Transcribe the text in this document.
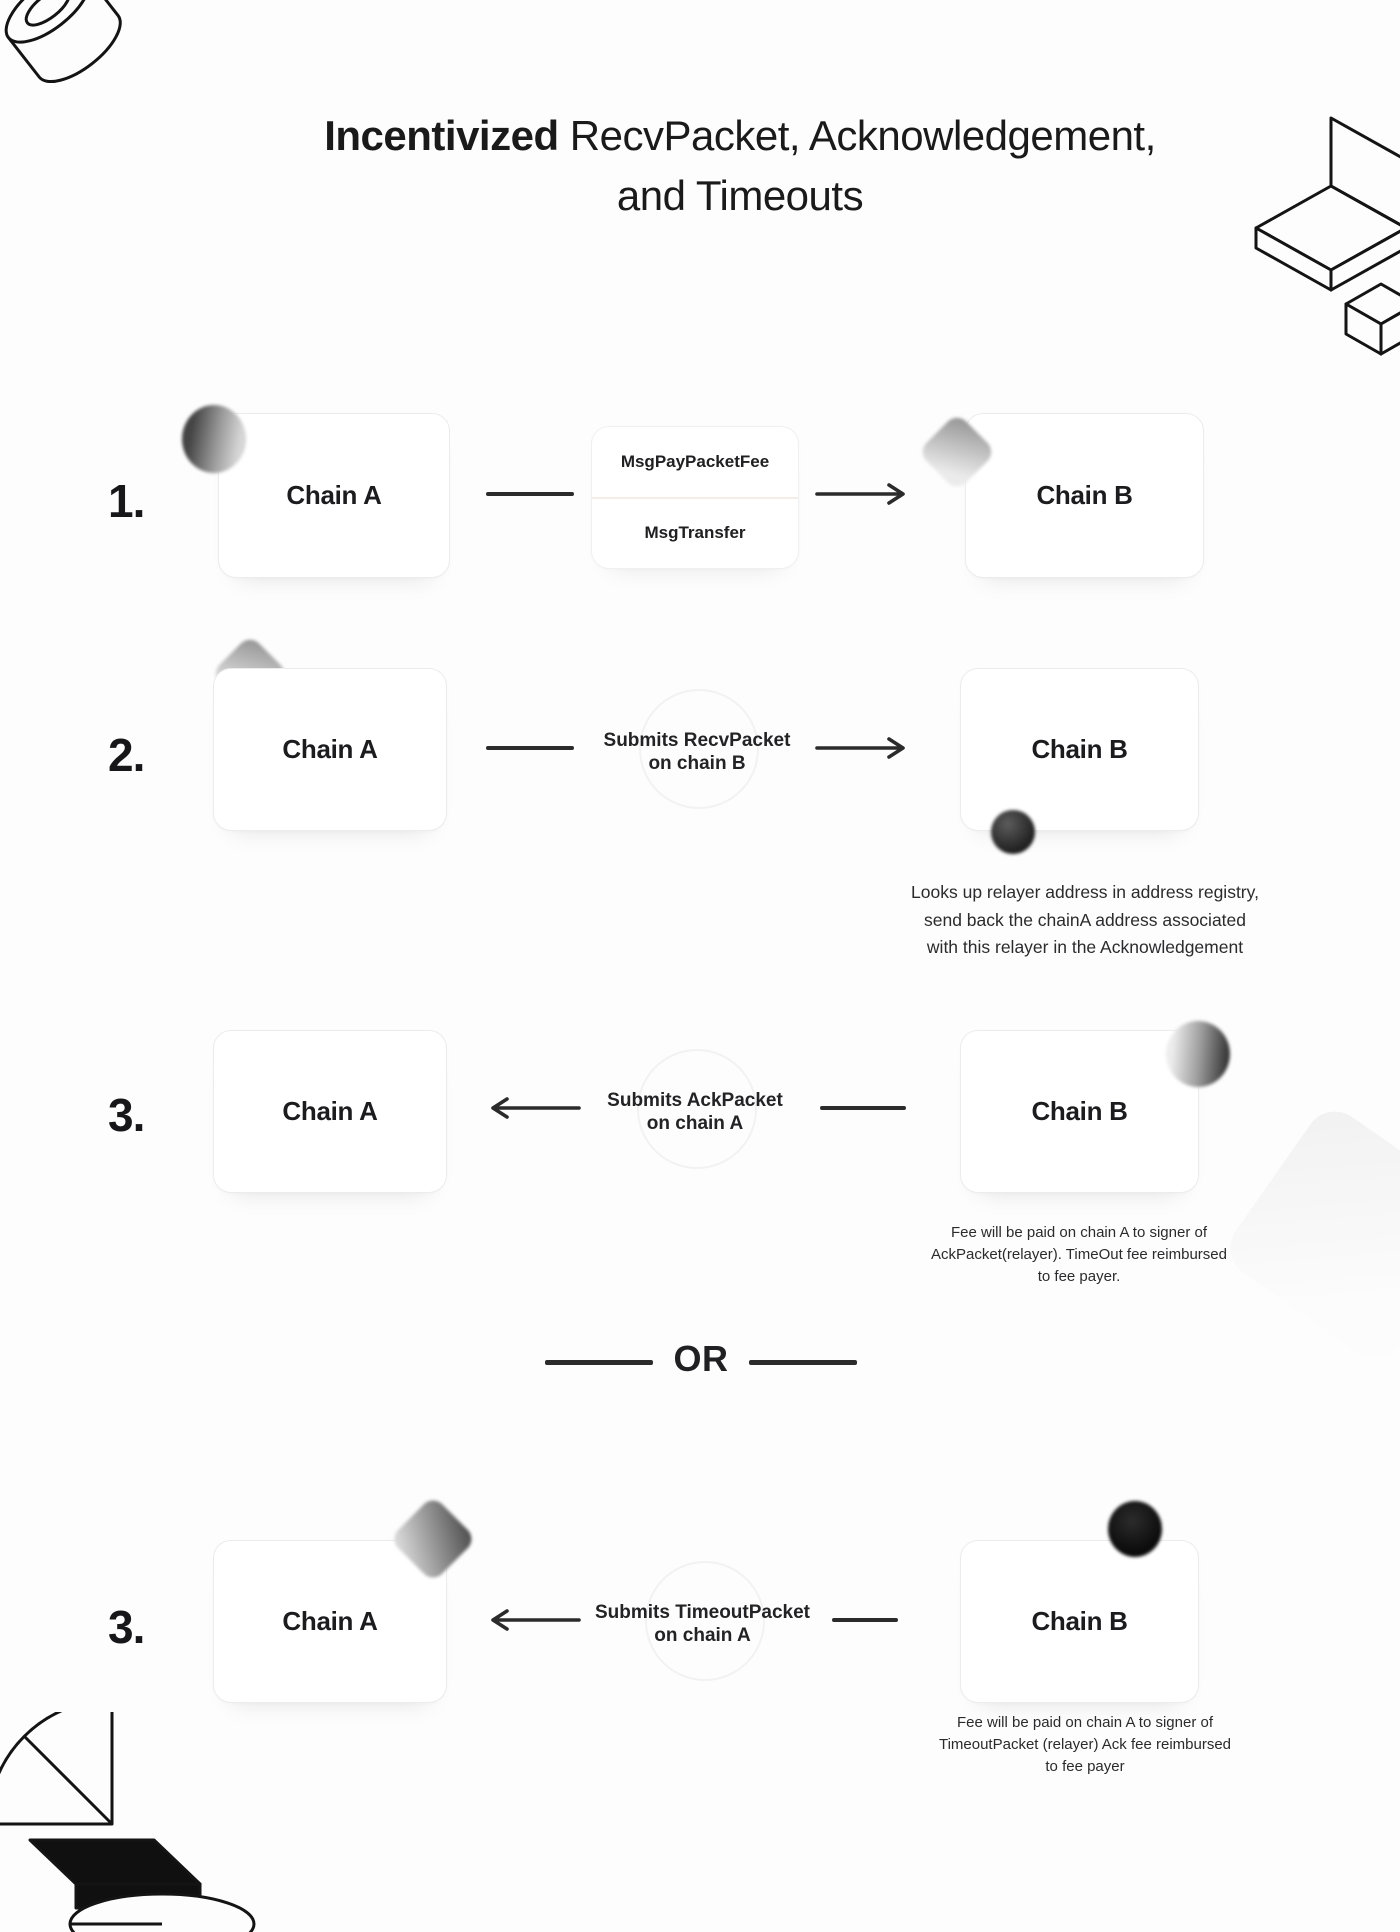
Incentivized RecvPacket, Acknowledgement,
and Timeouts
1.	Chain A
MsgPayPacketFee
MsgTransfer
Chain B
2.	Chain A	Submits RecvPacket
on chain B	Chain B
Looks up relayer address in address registry,
send back the chainA address associated
with this relayer in the Acknowledgement
3.	Chain A	Submits AckPacket
on chain A	Chain B
Fee will be paid on chain A to signer of
AckPacket(relayer). TimeOut fee reimbursed
to fee payer.
OR
3.	Chain A	Submits TimeoutPacket
on chain A	Chain B
Fee will be paid on chain A to signer of
TimeoutPacket (relayer) Ack fee reimbursed
to fee payer
